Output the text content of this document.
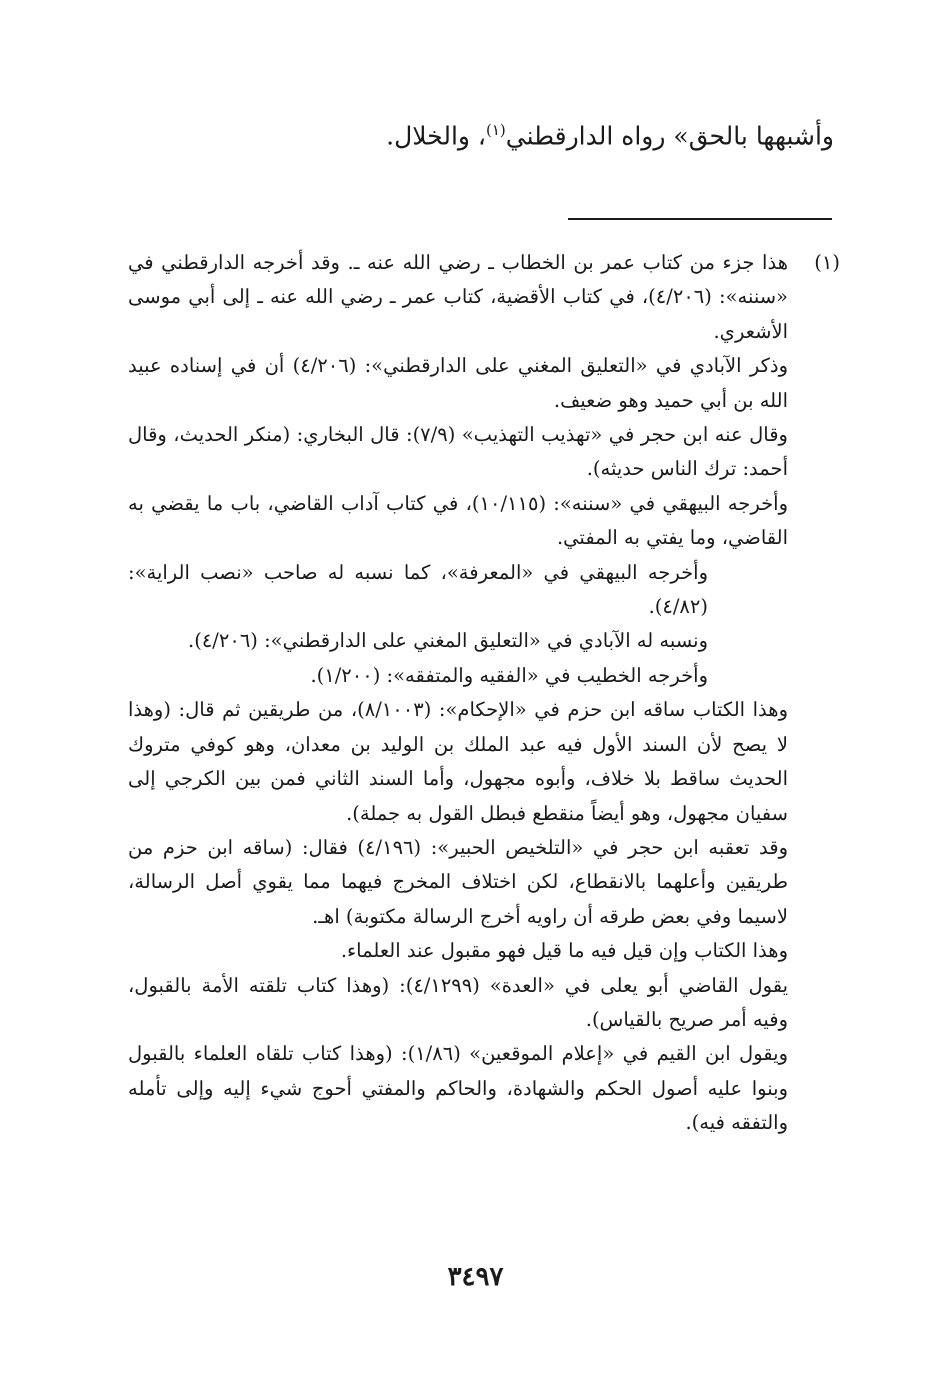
وأشبهها بالحق» رواه الدارقطني$^{(١)}$، والخلال.

(١)

هذا جزء من كتاب عمر بن الخطاب ـ رضي الله عنه ـ. وقد أخرجه الدارقطني في «سننه»: (٤/٢٠٦)، في كتاب الأقضية، كتاب عمر ـ رضي الله عنه ـ إلى أبي موسى الأشعري.

وذكر الآبادي في «التعليق المغني على الدارقطني»: (٤/٢٠٦) أن في إسناده عبيد الله بن أبي حميد وهو ضعيف.

وقال عنه ابن حجر في «تهذيب التهذيب» (٧/٩): قال البخاري: (منكر الحديث، وقال أحمد: ترك الناس حديثه).

وأخرجه البيهقي في «سننه»: (١٠/١١٥)، في كتاب آداب القاضي، باب ما يقضي به القاضي، وما يفتي به المفتي.

وأخرجه البيهقي في «المعرفة»، كما نسبه له صاحب «نصب الراية»: (٤/٨٢).

ونسبه له الآبادي في «التعليق المغني على الدارقطني»: (٤/٢٠٦).

وأخرجه الخطيب في «الفقيه والمتفقه»: (١/٢٠٠).

وهذا الكتاب ساقه ابن حزم في «الإحكام»: (٨/١٠٠٣)، من طريقين ثم قال: (وهذا لا يصح لأن السند الأول فيه عبد الملك بن الوليد بن معدان، وهو كوفي متروك الحديث ساقط بلا خلاف، وأبوه مجهول، وأما السند الثاني فمن بين الكرجي إلى سفيان مجهول، وهو أيضاً منقطع فبطل القول به جملة).

وقد تعقبه ابن حجر في «التلخيص الحبير»: (٤/١٩٦) فقال: (ساقه ابن حزم من طريقين وأعلهما بالانقطاع، لكن اختلاف المخرج فيهما مما يقوي أصل الرسالة، لاسيما وفي بعض طرقه أن راويه أخرج الرسالة مكتوبة) اهـ.

وهذا الكتاب وإن قيل فيه ما قيل فهو مقبول عند العلماء.

يقول القاضي أبو يعلى في «العدة» (٤/١٢٩٩): (وهذا كتاب تلقته الأمة بالقبول، وفيه أمر صريح بالقياس).

ويقول ابن القيم في «إعلام الموقعين» (١/٨٦): (وهذا كتاب تلقاه العلماء بالقبول وبنوا عليه أصول الحكم والشهادة، والحاكم والمفتي أحوج شيء إليه وإلى تأمله والتفقه فيه).

٣٤٩٧
